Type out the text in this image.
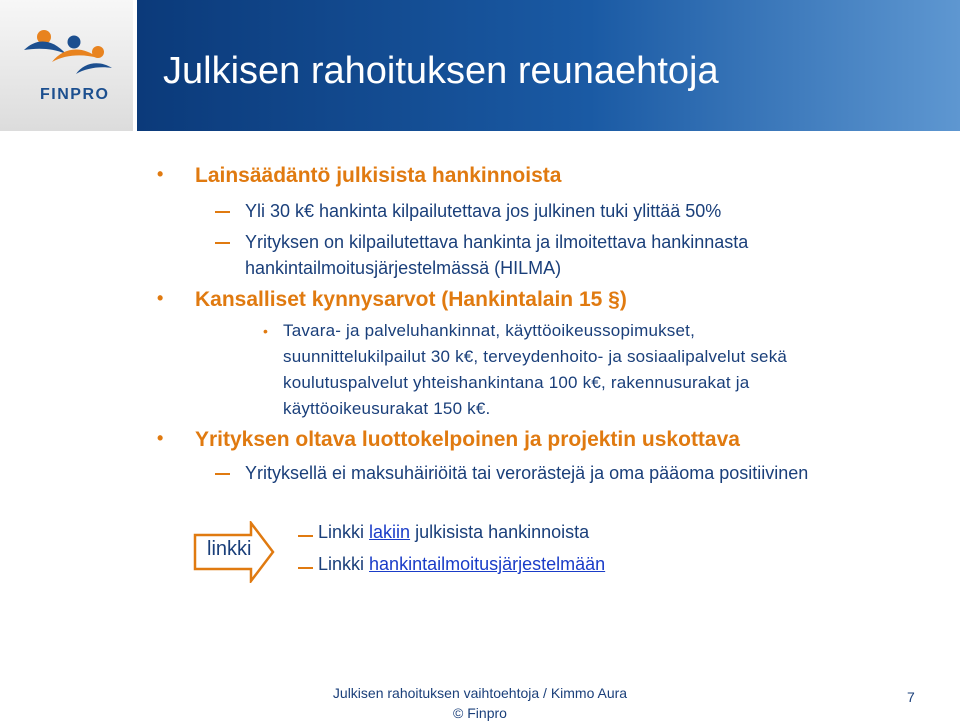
FINPRO
Julkisen rahoituksen reunaehtoja
• Lainsäädäntö julkisista hankinnoista
Yli 30 k€ hankinta kilpailutettava jos julkinen tuki ylittää 50%
Yrityksen on kilpailutettava hankinta ja ilmoitettava hankinnasta
hankintailmoitusjärjestelmässä (HILMA)
• Kansalliset kynnysarvot (Hankintalain 15 §)
• Tavara- ja palveluhankinnat, käyttöoikeussopimukset,
suunnittelukilpailut 30 k€, terveydenhoito- ja sosiaalipalvelut sekä
koulutuspalvelut yhteishankintana 100 k€, rakennusurakat ja
käyttöoikeusurakat 150 k€.
• Yrityksen oltava luottokelpoinen ja projektin uskottava
Yrityksellä ei maksuhäiriöitä tai verorästejä ja oma pääoma positiivinen
linkki
Linkki lakiin julkisista hankinnoista
Linkki hankintailmoitusjärjestelmään
Julkisen rahoituksen vaihtoehtoja / Kimmo Aura
© Finpro
7
